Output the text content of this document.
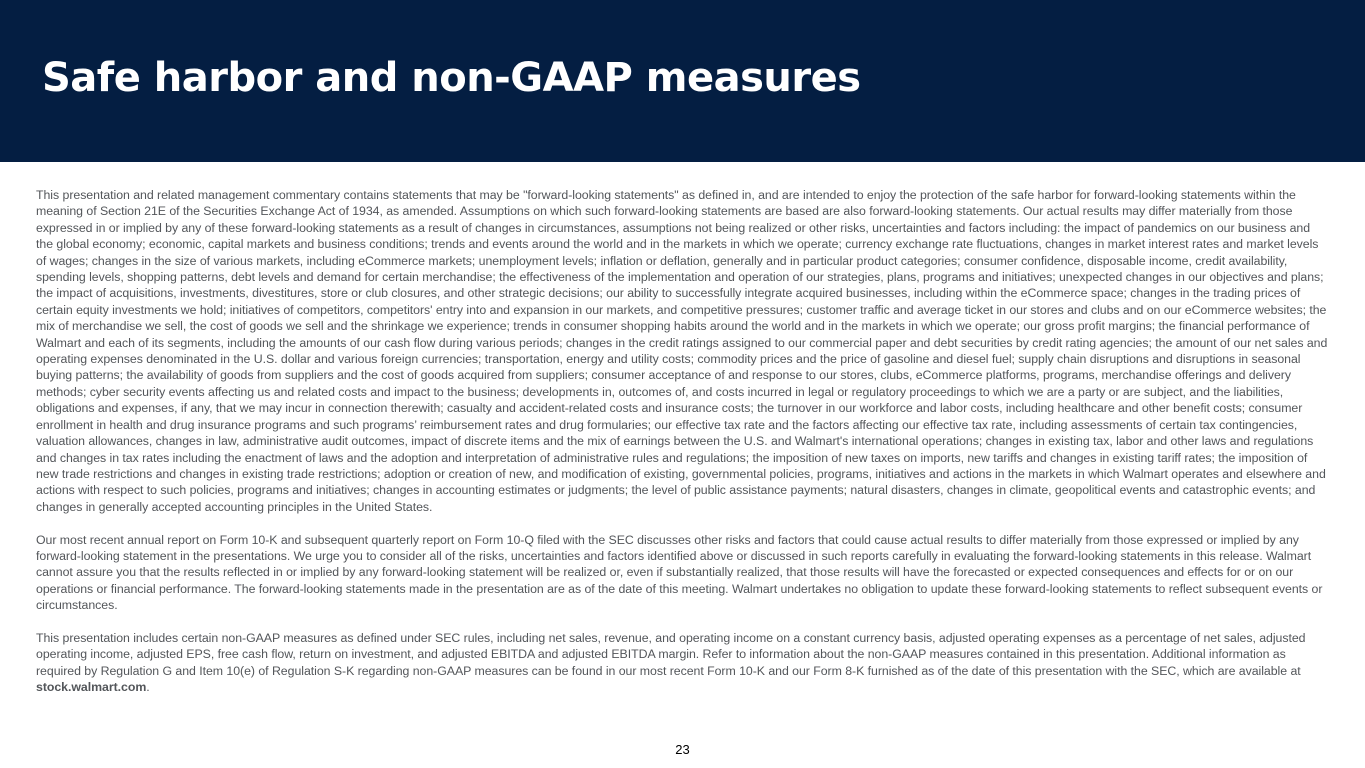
Safe harbor and non-GAAP measures

This presentation and related management commentary contains statements that may be "forward-looking statements" as defined in, and are intended to enjoy the protection of the safe harbor for forward-looking statements within the meaning of Section 21E of the Securities Exchange Act of 1934, as amended. Assumptions on which such forward-looking statements are based are also forward-looking statements. Our actual results may differ materially from those expressed in or implied by any of these forward-looking statements as a result of changes in circumstances, assumptions not being realized or other risks, uncertainties and factors including: the impact of pandemics on our business and the global economy; economic, capital markets and business conditions; trends and events around the world and in the markets in which we operate; currency exchange rate fluctuations, changes in market interest rates and market levels of wages; changes in the size of various markets, including eCommerce markets; unemployment levels; inflation or deflation, generally and in particular product categories; consumer confidence, disposable income, credit availability, spending levels, shopping patterns, debt levels and demand for certain merchandise; the effectiveness of the implementation and operation of our strategies, plans, programs and initiatives; unexpected changes in our objectives and plans; the impact of acquisitions, investments, divestitures, store or club closures, and other strategic decisions; our ability to successfully integrate acquired businesses, including within the eCommerce space; changes in the trading prices of certain equity investments we hold; initiatives of competitors, competitors' entry into and expansion in our markets, and competitive pressures; customer traffic and average ticket in our stores and clubs and on our eCommerce websites; the mix of merchandise we sell, the cost of goods we sell and the shrinkage we experience; trends in consumer shopping habits around the world and in the markets in which we operate; our gross profit margins; the financial performance of Walmart and each of its segments, including the amounts of our cash flow during various periods; changes in the credit ratings assigned to our commercial paper and debt securities by credit rating agencies; the amount of our net sales and operating expenses denominated in the U.S. dollar and various foreign currencies; transportation, energy and utility costs; commodity prices and the price of gasoline and diesel fuel; supply chain disruptions and disruptions in seasonal buying patterns; the availability of goods from suppliers and the cost of goods acquired from suppliers; consumer acceptance of and response to our stores, clubs, eCommerce platforms, programs, merchandise offerings and delivery methods; cyber security events affecting us and related costs and impact to the business; developments in, outcomes of, and costs incurred in legal or regulatory proceedings to which we are a party or are subject, and the liabilities, obligations and expenses, if any, that we may incur in connection therewith; casualty and accident-related costs and insurance costs; the turnover in our workforce and labor costs, including healthcare and other benefit costs; consumer enrollment in health and drug insurance programs and such programs’ reimbursement rates and drug formularies; our effective tax rate and the factors affecting our effective tax rate, including assessments of certain tax contingencies, valuation allowances, changes in law, administrative audit outcomes, impact of discrete items and the mix of earnings between the U.S. and Walmart's international operations; changes in existing tax, labor and other laws and regulations and changes in tax rates including the enactment of laws and the adoption and interpretation of administrative rules and regulations; the imposition of new taxes on imports, new tariffs and changes in existing tariff rates; the imposition of new trade restrictions and changes in existing trade restrictions; adoption or creation of new, and modification of existing, governmental policies, programs, initiatives and actions in the markets in which Walmart operates and elsewhere and actions with respect to such policies, programs and initiatives; changes in accounting estimates or judgments; the level of public assistance payments; natural disasters, changes in climate, geopolitical events and catastrophic events; and changes in generally accepted accounting principles in the United States.

Our most recent annual report on Form 10-K and subsequent quarterly report on Form 10-Q filed with the SEC discusses other risks and factors that could cause actual results to differ materially from those expressed or implied by any forward-looking statement in the presentations. We urge you to consider all of the risks, uncertainties and factors identified above or discussed in such reports carefully in evaluating the forward-looking statements in this release. Walmart cannot assure you that the results reflected in or implied by any forward-looking statement will be realized or, even if substantially realized, that those results will have the forecasted or expected consequences and effects for or on our operations or financial performance. The forward-looking statements made in the presentation are as of the date of this meeting. Walmart undertakes no obligation to update these forward-looking statements to reflect subsequent events or circumstances.

This presentation includes certain non-GAAP measures as defined under SEC rules, including net sales, revenue, and operating income on a constant currency basis, adjusted operating expenses as a percentage of net sales, adjusted operating income, adjusted EPS, free cash flow, return on investment, and adjusted EBITDA and adjusted EBITDA margin. Refer to information about the non-GAAP measures contained in this presentation. Additional information as required by Regulation G and Item 10(e) of Regulation S-K regarding non-GAAP measures can be found in our most recent Form 10-K and our Form 8-K furnished as of the date of this presentation with the SEC, which are available at stock.walmart.com.

23
